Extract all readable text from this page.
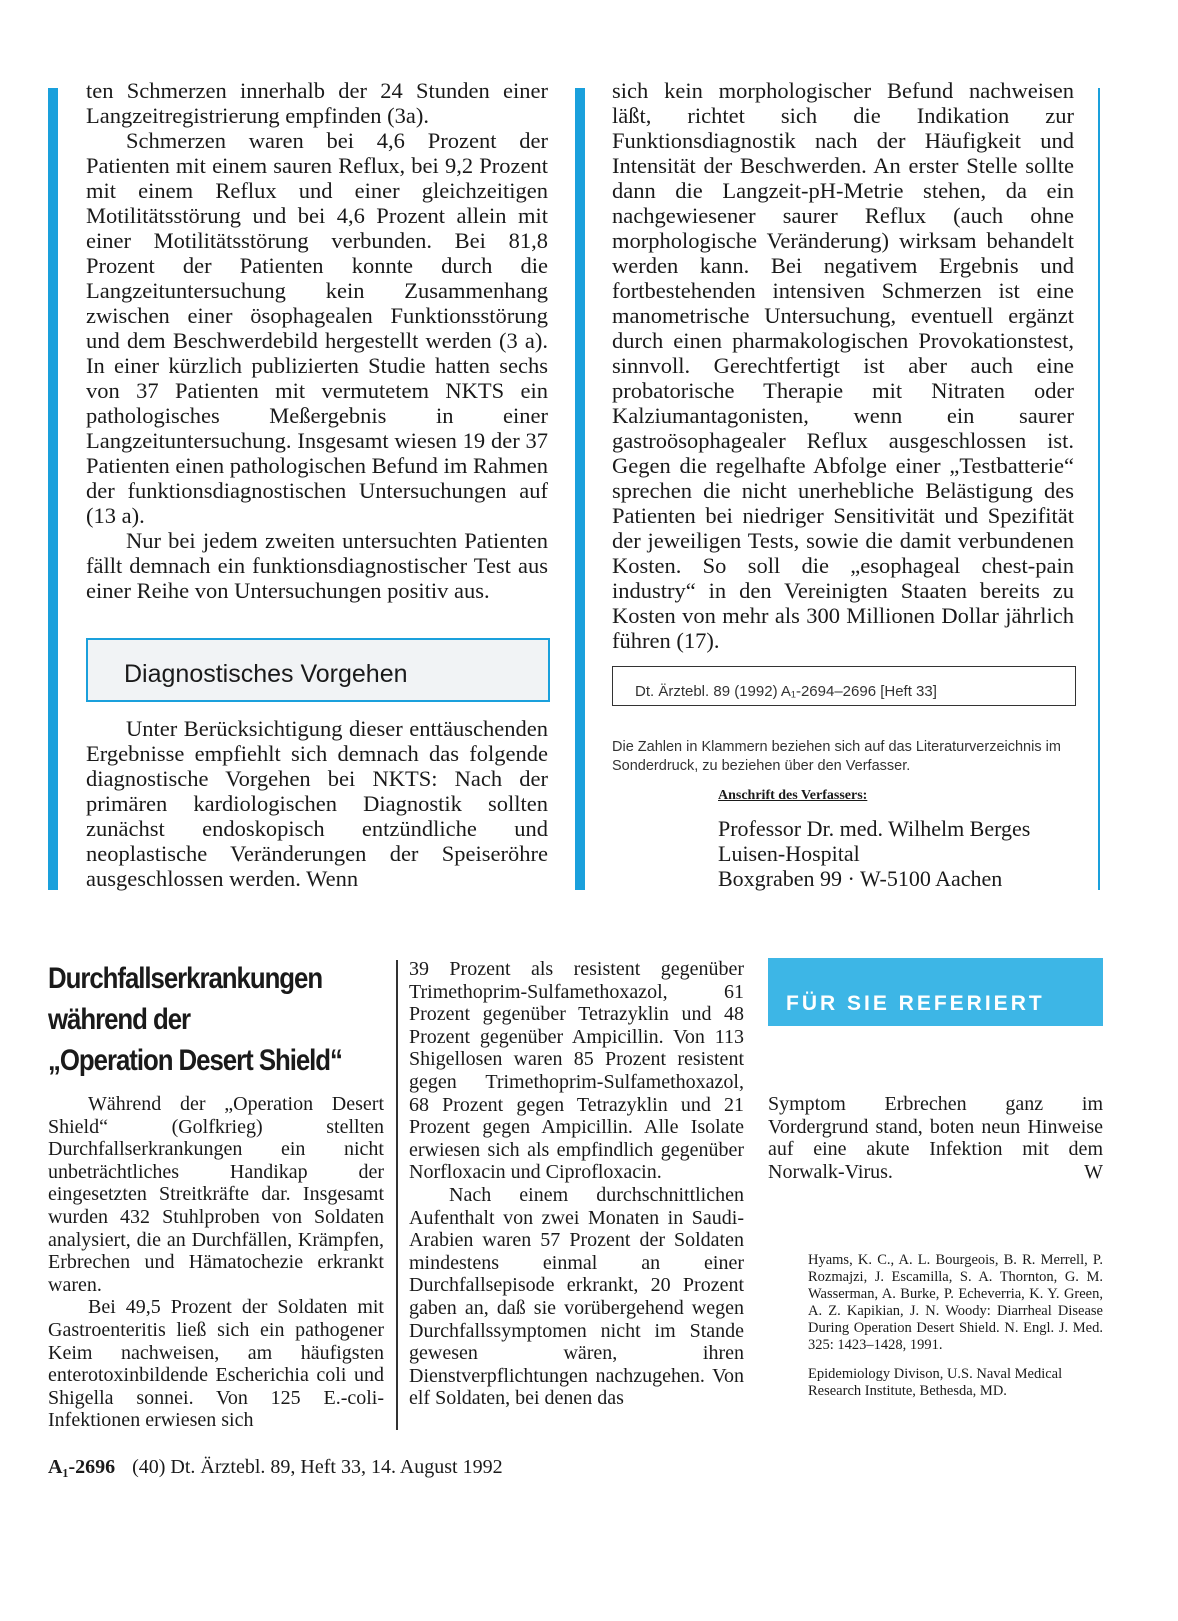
ten Schmerzen innerhalb der 24 Stunden einer Langzeitregistrierung empfinden (3a).

Schmerzen waren bei 4,6 Prozent der Patienten mit einem sauren Reflux, bei 9,2 Prozent mit einem Reflux und einer gleichzeitigen Motilitätsstörung und bei 4,6 Prozent allein mit einer Motilitätsstörung verbunden. Bei 81,8 Prozent der Patienten konnte durch die Langzeituntersuchung kein Zusammenhang zwischen einer ösophagealen Funktionsstörung und dem Beschwerdebild hergestellt werden (3 a). In einer kürzlich publizierten Studie hatten sechs von 37 Patienten mit vermutetem NKTS ein pathologisches Meßergebnis in einer Langzeituntersuchung. Insgesamt wiesen 19 der 37 Patienten einen pathologischen Befund im Rahmen der funktionsdiagnostischen Untersuchungen auf (13 a).

Nur bei jedem zweiten untersuchten Patienten fällt demnach ein funktionsdiagnostischer Test aus einer Reihe von Untersuchungen positiv aus.

Diagnostisches Vorgehen

Unter Berücksichtigung dieser enttäuschenden Ergebnisse empfiehlt sich demnach das folgende diagnostische Vorgehen bei NKTS: Nach der primären kardiologischen Diagnostik sollten zunächst endoskopisch entzündliche und neoplastische Veränderungen der Speiseröhre ausgeschlossen werden. Wenn

sich kein morphologischer Befund nachweisen läßt, richtet sich die Indikation zur Funktionsdiagnostik nach der Häufigkeit und Intensität der Beschwerden. An erster Stelle sollte dann die Langzeit-pH-Metrie stehen, da ein nachgewiesener saurer Reflux (auch ohne morphologische Veränderung) wirksam behandelt werden kann. Bei negativem Ergebnis und fortbestehenden intensiven Schmerzen ist eine manometrische Untersuchung, eventuell ergänzt durch einen pharmakologischen Provokationstest, sinnvoll. Gerechtfertigt ist aber auch eine probatorische Therapie mit Nitraten oder Kalziumantagonisten, wenn ein saurer gastroösophagealer Reflux ausgeschlossen ist. Gegen die regelhafte Abfolge einer „Testbatterie“ sprechen die nicht unerhebliche Belästigung des Patienten bei niedriger Sensitivität und Spezifität der jeweiligen Tests, sowie die damit verbundenen Kosten. So soll die „esophageal chest-pain industry“ in den Vereinigten Staaten bereits zu Kosten von mehr als 300 Millionen Dollar jährlich führen (17).

Dt. Ärztebl. 89 (1992) A₁-2694–2696 [Heft 33]
Die Zahlen in Klammern beziehen sich auf das Literaturverzeichnis im Sonderdruck, zu beziehen über den Verfasser.
Anschrift des Verfassers:
Professor Dr. med. Wilhelm Berges
Luisen-Hospital
Boxgraben 99 · W-5100 Aachen
Durchfallserkrankungen
während der
„Operation Desert Shield“

Während der „Operation Desert Shield“ (Golfkrieg) stellten Durchfallserkrankungen ein nicht unbeträchtliches Handikap der eingesetzten Streitkräfte dar. Insgesamt wurden 432 Stuhlproben von Soldaten analysiert, die an Durchfällen, Krämpfen, Erbrechen und Hämatochezie erkrankt waren.

Bei 49,5 Prozent der Soldaten mit Gastroenteritis ließ sich ein pathogener Keim nachweisen, am häufigsten enterotoxinbildende Escherichia coli und Shigella sonnei. Von 125 E.-coli-Infektionen erwiesen sich

39 Prozent als resistent gegenüber Trimethoprim-Sulfamethoxazol, 61 Prozent gegenüber Tetrazyklin und 48 Prozent gegenüber Ampicillin. Von 113 Shigellosen waren 85 Prozent resistent gegen Trimethoprim-Sulfamethoxazol, 68 Prozent gegen Tetrazyklin und 21 Prozent gegen Ampicillin. Alle Isolate erwiesen sich als empfindlich gegenüber Norfloxacin und Ciprofloxacin.

Nach einem durchschnittlichen Aufenthalt von zwei Monaten in Saudi-Arabien waren 57 Prozent der Soldaten mindestens einmal an einer Durchfallsepisode erkrankt, 20 Prozent gaben an, daß sie vorübergehend wegen Durchfallssymptomen nicht im Stande gewesen wären, ihren Dienstverpflichtungen nachzugehen. Von elf Soldaten, bei denen das

FÜR SIE REFERIERT

Symptom Erbrechen ganz im Vordergrund stand, boten neun Hinweise auf eine akute Infektion mit dem Norwalk-Virus.	W

Hyams, K. C., A. L. Bourgeois, B. R. Merrell, P. Rozmajzi, J. Escamilla, S. A. Thornton, G. M. Wasserman, A. Burke, P. Echeverria, K. Y. Green, A. Z. Kapikian, J. N. Woody: Diarrheal Disease During Operation Desert Shield. N. Engl. J. Med. 325: 1423–1428, 1991.

Epidemiology Divison, U.S. Naval Medical Research Institute, Bethesda, MD.

A₁-2696 (40) Dt. Ärztebl. 89, Heft 33, 14. August 1992
